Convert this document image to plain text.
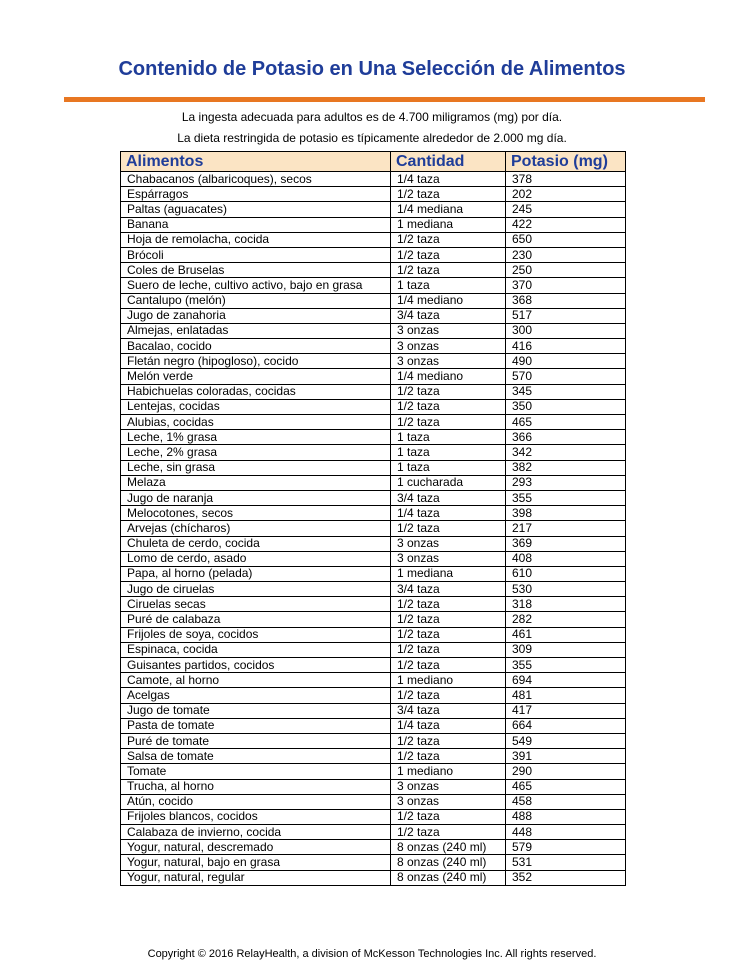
Contenido de Potasio en Una Selección de Alimentos

La ingesta adecuada para adultos es de 4.700 miligramos (mg) por día.

La dieta restringida de potasio es típicamente alrededor de 2.000 mg día.

Alimentos	Cantidad	Potasio (mg)
Chabacanos (albaricoques), secos	1/4 taza	378
Espárragos	1/2 taza	202
Paltas (aguacates)	1/4 mediana	245
Banana	1 mediana	422
Hoja de remolacha, cocida	1/2 taza	650
Brócoli	1/2 taza	230
Coles de Bruselas	1/2 taza	250
Suero de leche, cultivo activo, bajo en grasa	1 taza	370
Cantalupo (melón)	1/4 mediano	368
Jugo de zanahoria	3/4 taza	517
Almejas, enlatadas	3 onzas	300
Bacalao, cocido	3 onzas	416
Fletán negro (hipogloso), cocido	3 onzas	490
Melón verde	1/4 mediano	570
Habichuelas coloradas, cocidas	1/2 taza	345
Lentejas, cocidas	1/2 taza	350
Alubias, cocidas	1/2 taza	465
Leche, 1% grasa	1 taza	366
Leche, 2% grasa	1 taza	342
Leche, sin grasa	1 taza	382
Melaza	1 cucharada	293
Jugo de naranja	3/4 taza	355
Melocotones, secos	1/4 taza	398
Arvejas (chícharos)	1/2 taza	217
Chuleta de cerdo, cocida	3 onzas	369
Lomo de cerdo, asado	3 onzas	408
Papa, al horno (pelada)	1 mediana	610
Jugo de ciruelas	3/4 taza	530
Ciruelas secas	1/2 taza	318
Puré de calabaza	1/2 taza	282
Frijoles de soya, cocidos	1/2 taza	461
Espinaca, cocida	1/2 taza	309
Guisantes partidos, cocidos	1/2 taza	355
Camote, al horno	1 mediano	694
Acelgas	1/2 taza	481
Jugo de tomate	3/4 taza	417
Pasta de tomate	1/4 taza	664
Puré de tomate	1/2 taza	549
Salsa de tomate	1/2 taza	391
Tomate	1 mediano	290
Trucha, al horno	3 onzas	465
Atún, cocido	3 onzas	458
Frijoles blancos, cocidos	1/2 taza	488
Calabaza de invierno, cocida	1/2 taza	448
Yogur, natural, descremado	8 onzas (240 ml)	579
Yogur, natural, bajo en grasa	8 onzas (240 ml)	531
Yogur, natural, regular	8 onzas (240 ml)	352

Copyright © 2016 RelayHealth, a division of McKesson Technologies Inc. All rights reserved.
